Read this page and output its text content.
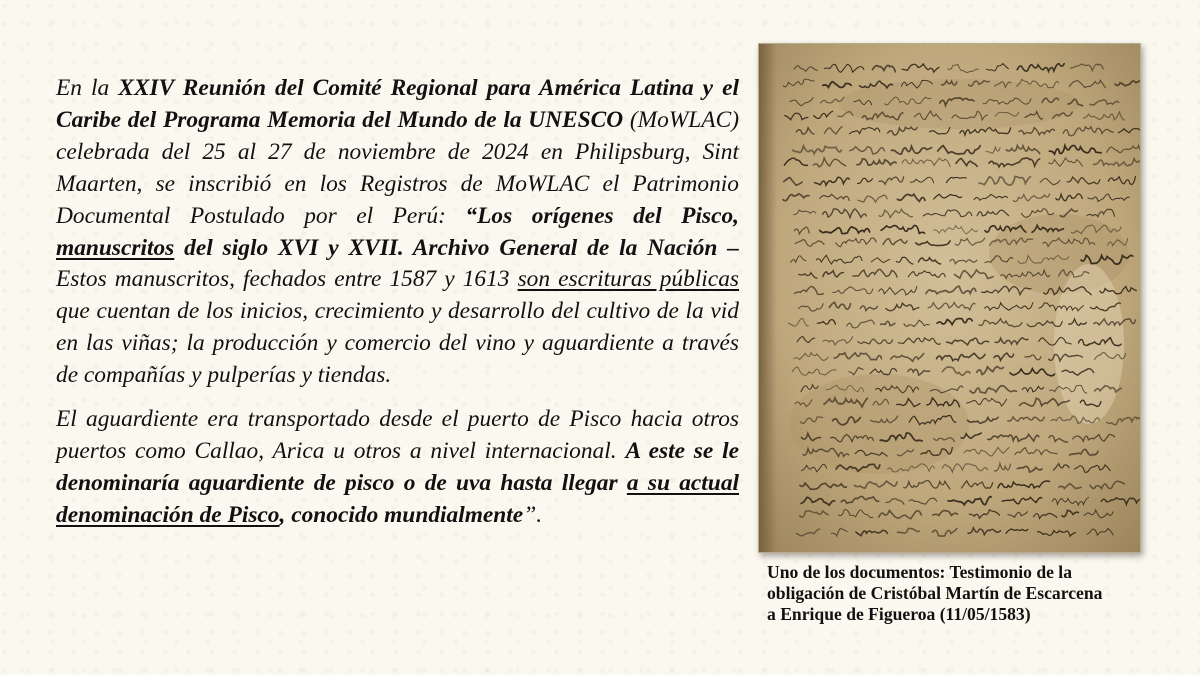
En la XXIV Reunión del Comité Regional para América Latina y el Caribe del Programa Memoria del Mundo de la UNESCO (MoWLAC) celebrada del 25 al 27 de noviembre de 2024 en Philipsburg, Sint Maarten, se inscribió en los Registros de MoWLAC el Patrimonio Documental Postulado por el Perú: “Los orígenes del Pisco, manuscritos del siglo XVI y XVII. Archivo General de la Nación – Estos manuscritos, fechados entre 1587 y 1613 son escrituras públicas que cuentan de los inicios, crecimiento y desarrollo del cultivo de la vid en las viñas; la producción y comercio del vino y aguardiente a través de compañías y pulperías y tiendas.

El aguardiente era transportado desde el puerto de Pisco hacia otros puertos como Callao, Arica u otros a nivel internacional. A este se le denominaría aguardiente de pisco o de uva hasta llegar a su actual denominación de Pisco, conocido mundialmente”.

Uno de los documentos: Testimonio de la
obligación de Cristóbal Martín de Escarcena
a Enrique de Figueroa (11/05/1583)
